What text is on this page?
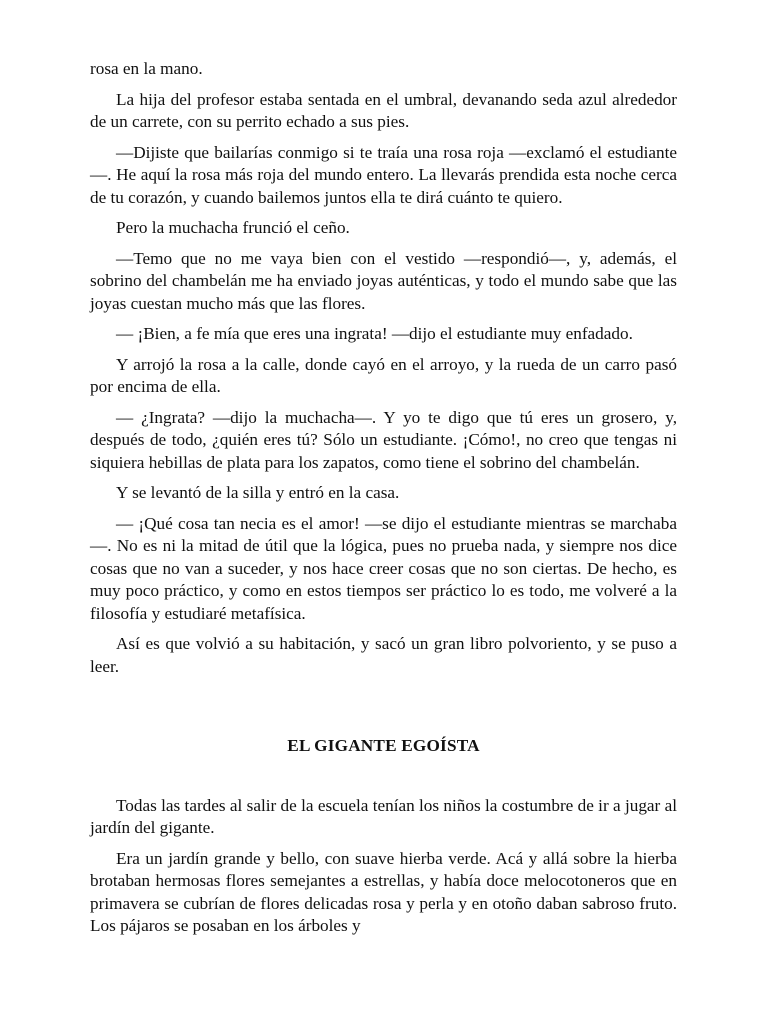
rosa en la mano.

La hija del profesor estaba sentada en el umbral, devanando seda azul alrededor de un carrete, con su perrito echado a sus pies.

—Dijiste que bailarías conmigo si te traía una rosa roja —exclamó el estudiante—. He aquí la rosa más roja del mundo entero. La llevarás prendida esta noche cerca de tu corazón, y cuando bailemos juntos ella te dirá cuánto te quiero.

Pero la muchacha frunció el ceño.

—Temo que no me vaya bien con el vestido —respondió—, y, además, el sobrino del chambelán me ha enviado joyas auténticas, y todo el mundo sabe que las joyas cuestan mucho más que las flores.

— ¡Bien, a fe mía que eres una ingrata! —dijo el estudiante muy enfadado.

Y arrojó la rosa a la calle, donde cayó en el arroyo, y la rueda de un carro pasó por encima de ella.

— ¿Ingrata? —dijo la muchacha—. Y yo te digo que tú eres un grosero, y, después de todo, ¿quién eres tú? Sólo un estudiante. ¡Cómo!, no creo que tengas ni siquiera hebillas de plata para los zapatos, como tiene el sobrino del chambelán.

Y se levantó de la silla y entró en la casa.

— ¡Qué cosa tan necia es el amor! —se dijo el estudiante mientras se marchaba—. No es ni la mitad de útil que la lógica, pues no prueba nada, y siempre nos dice cosas que no van a suceder, y nos hace creer cosas que no son ciertas. De hecho, es muy poco práctico, y como en estos tiempos ser práctico lo es todo, me volveré a la filosofía y estudiaré metafísica.

Así es que volvió a su habitación, y sacó un gran libro polvoriento, y se puso a leer.

EL GIGANTE EGOÍSTA

Todas las tardes al salir de la escuela tenían los niños la costumbre de ir a jugar al jardín del gigante.

Era un jardín grande y bello, con suave hierba verde. Acá y allá sobre la hierba brotaban hermosas flores semejantes a estrellas, y había doce melocotoneros que en primavera se cubrían de flores delicadas rosa y perla y en otoño daban sabroso fruto. Los pájaros se posaban en los árboles y
